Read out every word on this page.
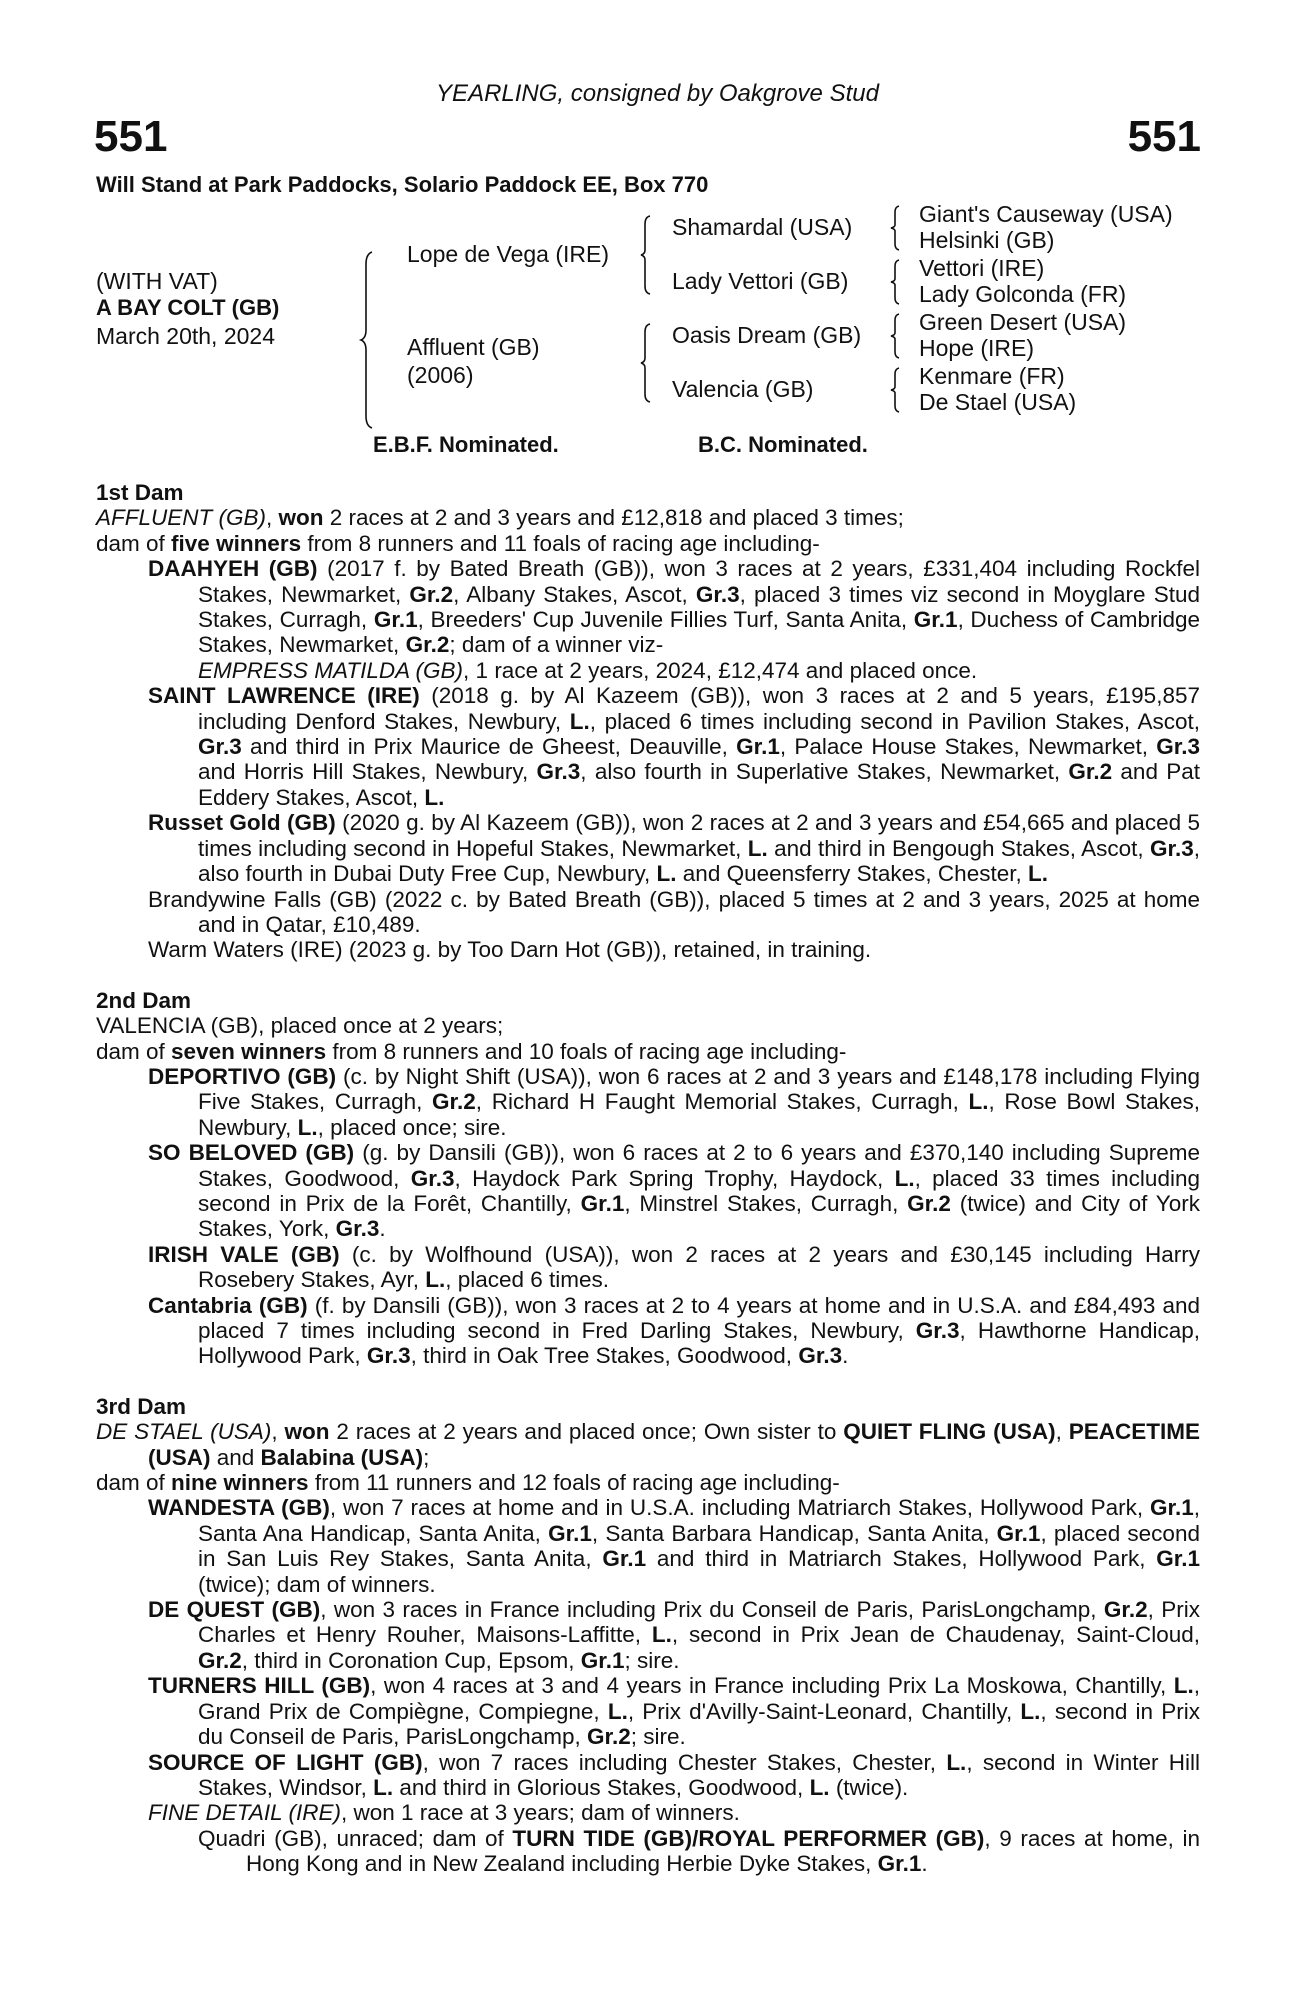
YEARLING, consigned by Oakgrove Stud
551	551
Will Stand at Park Paddocks, Solario Paddock EE, Box 770
(WITH VAT)
A BAY COLT (GB)
March 20th, 2024
Lope de Vega (IRE)
Affluent (GB)
(2006)
Shamardal (USA)
Lady Vettori (GB)
Oasis Dream (GB)
Valencia (GB)
Giant's Causeway (USA)
Helsinki (GB)
Vettori (IRE)
Lady Golconda (FR)
Green Desert (USA)
Hope (IRE)
Kenmare (FR)
De Stael (USA)
E.B.F. Nominated.	B.C. Nominated.
1st Dam
AFFLUENT (GB), won 2 races at 2 and 3 years and £12,818 and placed 3 times;
dam of five winners from 8 runners and 11 foals of racing age including-
DAAHYEH (GB) (2017 f. by Bated Breath (GB)), won 3 races at 2 years, £331,404 including Rockfel Stakes, Newmarket, Gr.2, Albany Stakes, Ascot, Gr.3, placed 3 times viz second in Moyglare Stud Stakes, Curragh, Gr.1, Breeders' Cup Juvenile Fillies Turf, Santa Anita, Gr.1, Duchess of Cambridge Stakes, Newmarket, Gr.2; dam of a winner viz-
EMPRESS MATILDA (GB), 1 race at 2 years, 2024, £12,474 and placed once.
SAINT LAWRENCE (IRE) (2018 g. by Al Kazeem (GB)), won 3 races at 2 and 5 years, £195,857 including Denford Stakes, Newbury, L., placed 6 times including second in Pavilion Stakes, Ascot, Gr.3 and third in Prix Maurice de Gheest, Deauville, Gr.1, Palace House Stakes, Newmarket, Gr.3 and Horris Hill Stakes, Newbury, Gr.3, also fourth in Superlative Stakes, Newmarket, Gr.2 and Pat Eddery Stakes, Ascot, L.
Russet Gold (GB) (2020 g. by Al Kazeem (GB)), won 2 races at 2 and 3 years and £54,665 and placed 5 times including second in Hopeful Stakes, Newmarket, L. and third in Bengough Stakes, Ascot, Gr.3, also fourth in Dubai Duty Free Cup, Newbury, L. and Queensferry Stakes, Chester, L.
Brandywine Falls (GB) (2022 c. by Bated Breath (GB)), placed 5 times at 2 and 3 years, 2025 at home and in Qatar, £10,489.
Warm Waters (IRE) (2023 g. by Too Darn Hot (GB)), retained, in training.
2nd Dam
VALENCIA (GB), placed once at 2 years;
dam of seven winners from 8 runners and 10 foals of racing age including-
DEPORTIVO (GB) (c. by Night Shift (USA)), won 6 races at 2 and 3 years and £148,178 including Flying Five Stakes, Curragh, Gr.2, Richard H Faught Memorial Stakes, Curragh, L., Rose Bowl Stakes, Newbury, L., placed once; sire.
SO BELOVED (GB) (g. by Dansili (GB)), won 6 races at 2 to 6 years and £370,140 including Supreme Stakes, Goodwood, Gr.3, Haydock Park Spring Trophy, Haydock, L., placed 33 times including second in Prix de la Forêt, Chantilly, Gr.1, Minstrel Stakes, Curragh, Gr.2 (twice) and City of York Stakes, York, Gr.3.
IRISH VALE (GB) (c. by Wolfhound (USA)), won 2 races at 2 years and £30,145 including Harry Rosebery Stakes, Ayr, L., placed 6 times.
Cantabria (GB) (f. by Dansili (GB)), won 3 races at 2 to 4 years at home and in U.S.A. and £84,493 and placed 7 times including second in Fred Darling Stakes, Newbury, Gr.3, Hawthorne Handicap, Hollywood Park, Gr.3, third in Oak Tree Stakes, Goodwood, Gr.3.
3rd Dam
DE STAEL (USA), won 2 races at 2 years and placed once; Own sister to QUIET FLING (USA), PEACETIME (USA) and Balabina (USA);
dam of nine winners from 11 runners and 12 foals of racing age including-
WANDESTA (GB), won 7 races at home and in U.S.A. including Matriarch Stakes, Hollywood Park, Gr.1, Santa Ana Handicap, Santa Anita, Gr.1, Santa Barbara Handicap, Santa Anita, Gr.1, placed second in San Luis Rey Stakes, Santa Anita, Gr.1 and third in Matriarch Stakes, Hollywood Park, Gr.1 (twice); dam of winners.
DE QUEST (GB), won 3 races in France including Prix du Conseil de Paris, ParisLongchamp, Gr.2, Prix Charles et Henry Rouher, Maisons-Laffitte, L., second in Prix Jean de Chaudenay, Saint-Cloud, Gr.2, third in Coronation Cup, Epsom, Gr.1; sire.
TURNERS HILL (GB), won 4 races at 3 and 4 years in France including Prix La Moskowa, Chantilly, L., Grand Prix de Compiègne, Compiegne, L., Prix d'Avilly-Saint-Leonard, Chantilly, L., second in Prix du Conseil de Paris, ParisLongchamp, Gr.2; sire.
SOURCE OF LIGHT (GB), won 7 races including Chester Stakes, Chester, L., second in Winter Hill Stakes, Windsor, L. and third in Glorious Stakes, Goodwood, L. (twice).
FINE DETAIL (IRE), won 1 race at 3 years; dam of winners.
Quadri (GB), unraced; dam of TURN TIDE (GB)/ROYAL PERFORMER (GB), 9 races at home, in Hong Kong and in New Zealand including Herbie Dyke Stakes, Gr.1.
